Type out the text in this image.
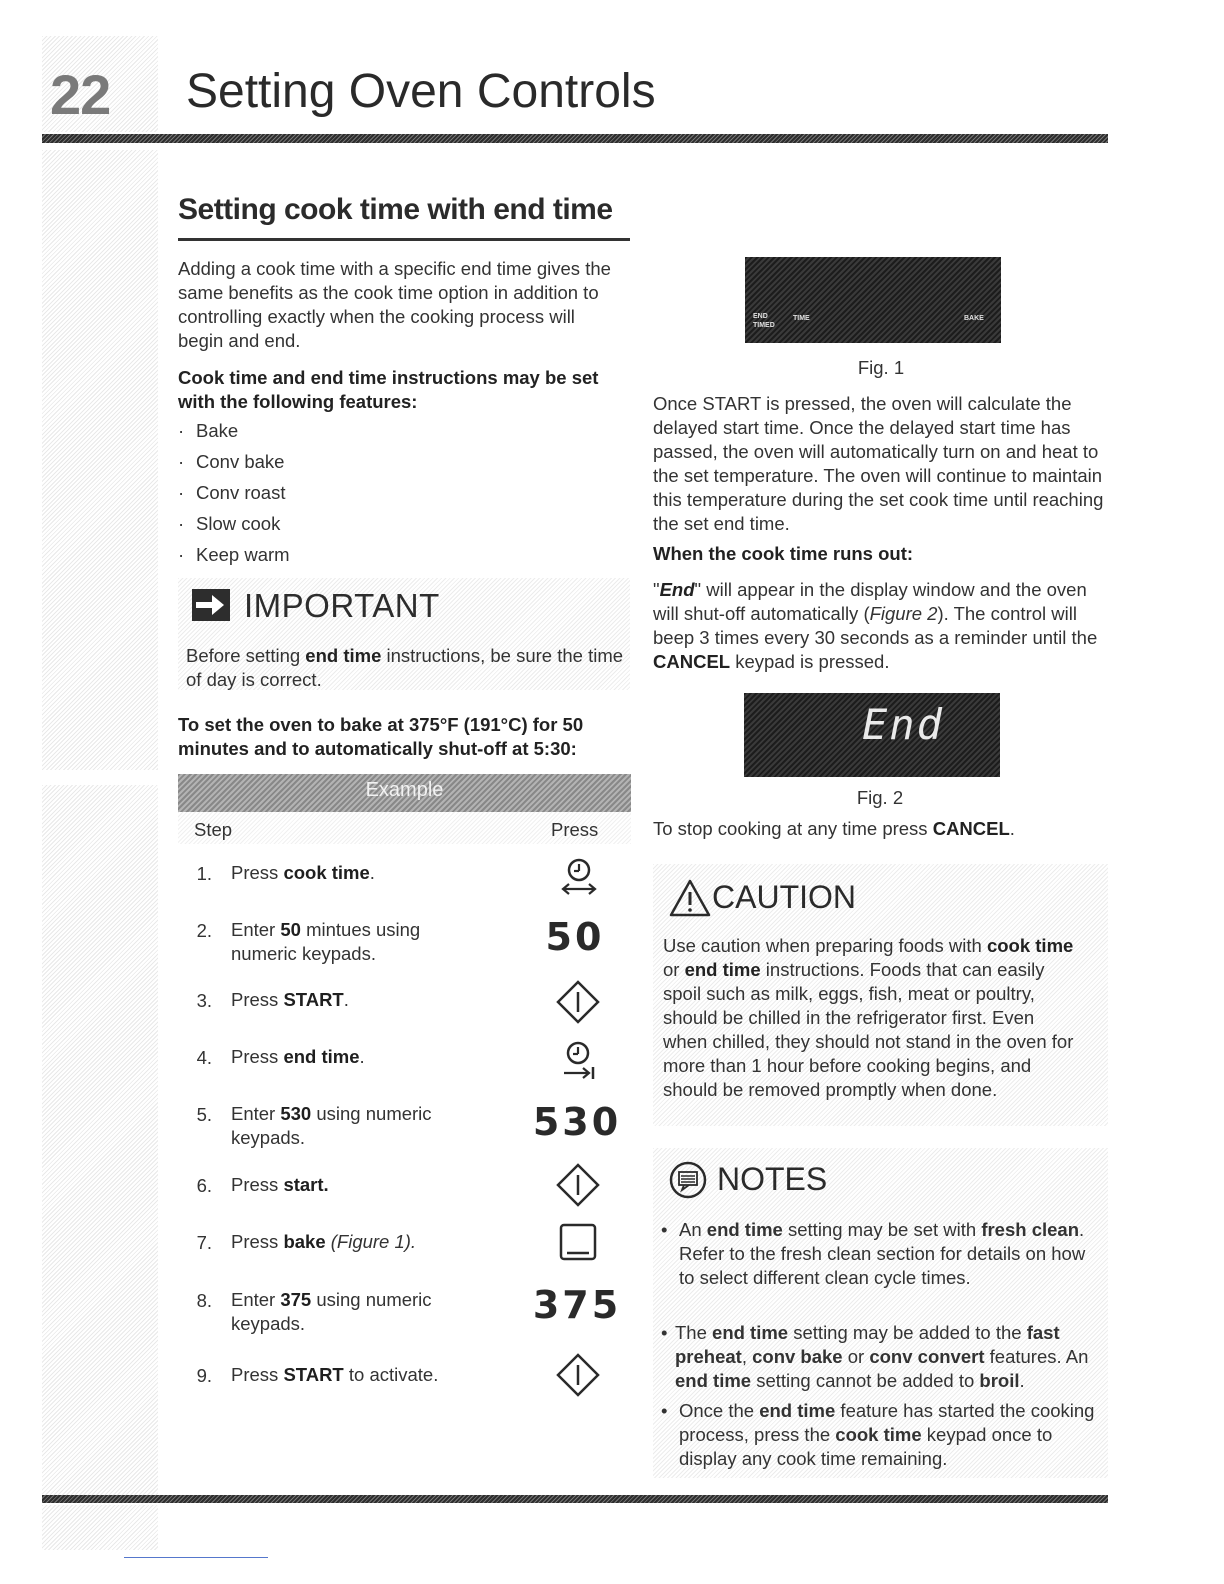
22 Setting Oven Controls
Setting cook time with end time
Adding a cook time with a specific end time gives the same benefits as the cook time option in addition to controlling exactly when the cooking process will begin and end.
Cook time and end time instructions may be set
with the following features:
· Bake
· Conv bake
· Conv roast
· Slow cook
· Keep warm
IMPORTANT
Before setting end time instructions, be sure the time of day is correct.
To set the oven to bake at 375°F (191°C) for 50 minutes and to automatically shut-off at 5:30:
Example
Step	Press
1. Press cook time.
2. Enter 50 mintues using numeric keypads.	50
3. Press START.
4. Press end time.
5. Enter 530 using numeric keypads.	530
6. Press start.
7. Press bake (Figure 1).
8. Enter 375 using numeric keypads.	375
9. Press START to activate.
END
TIMED
TIME	BAKE
Fig. 1
Once START is pressed, the oven will calculate the delayed start time. Once the delayed start time has passed, the oven will automatically turn on and heat to the set temperature. The oven will continue to maintain this temperature during the set cook time until reaching the set end time.
When the cook time runs out:
"End" will appear in the display window and the oven will shut-off automatically (Figure 2). The control will beep 3 times every 30 seconds as a reminder until the CANCEL keypad is pressed.
End
Fig. 2
To stop cooking at any time press CANCEL.
CAUTION
Use caution when preparing foods with cook time or end time instructions. Foods that can easily spoil such as milk, eggs, fish, meat or poultry, should be chilled in the refrigerator first. Even when chilled, they should not stand in the oven for more than 1 hour before cooking begins, and should be removed promptly when done.
NOTES
• An end time setting may be set with fresh clean. Refer to the fresh clean section for details on how to select different clean cycle times.
• The end time setting may be added to the fast preheat, conv bake or conv convert features. An end time setting cannot be added to broil.
• Once the end time feature has started the cooking process, press the cook time keypad once to display any cook time remaining.
